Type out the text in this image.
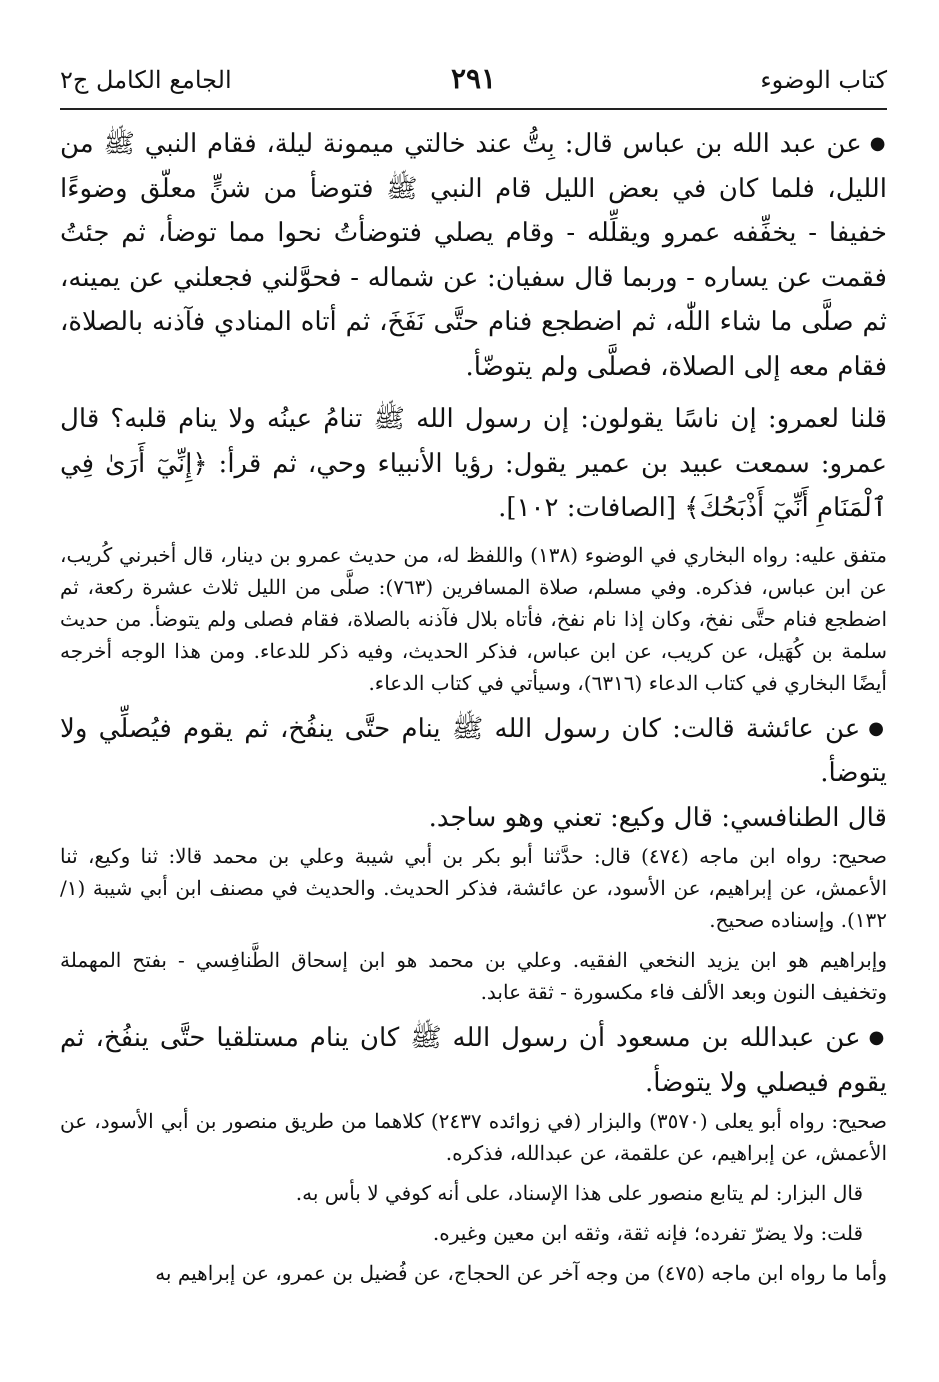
كتاب الوضوء
٢٩١
الجامع الكامل ج٢

●عن عبد الله بن عباس قال: بِتُّ عند خالتي ميمونة ليلة، فقام النبي ﷺ من الليل، فلما كان في بعض الليل قام النبي ﷺ فتوضأ من شنٍّ معلّق وضوءًا خفيفا - يخفِّفه عمرو ويقلِّله - وقام يصلي فتوضأتُ نحوا مما توضأ، ثم جئتُ فقمت عن يساره - وربما قال سفيان: عن شماله - فحوَّلني فجعلني عن يمينه، ثم صلَّى ما شاء اللّٰه، ثم اضطجع فنام حتَّى نَفَخَ، ثم أتاه المنادي فآذنه بالصلاة، فقام معه إلى الصلاة، فصلَّى ولم يتوضّأ.

قلنا لعمرو: إن ناسًا يقولون: إن رسول الله ﷺ تنامُ عينُه ولا ينام قلبه؟ قال عمرو: سمعت عبيد بن عمير يقول: رؤيا الأنبياء وحي، ثم قرأ: ﴿إِنِّيٓ أَرَىٰ فِي ٱلْمَنَامِ أَنِّيٓ أَذْبَحُكَ﴾ [الصافات: ١٠٢].

متفق عليه: رواه البخاري في الوضوء (١٣٨) واللفظ له، من حديث عمرو بن دينار، قال أخبرني كُريب، عن ابن عباس، فذكره. وفي مسلم، صلاة المسافرين (٧٦٣): صلَّى من الليل ثلاث عشرة ركعة، ثم اضطجع فنام حتَّى نفخ، وكان إذا نام نفخ، فأتاه بلال فآذنه بالصلاة، فقام فصلى ولم يتوضأ. من حديث سلمة بن كُهَيل، عن كريب، عن ابن عباس، فذكر الحديث، وفيه ذكر للدعاء. ومن هذا الوجه أخرجه أيضًا البخاري في كتاب الدعاء (٦٣١٦)، وسيأتي في كتاب الدعاء.

●عن عائشة قالت: كان رسول الله ﷺ ينام حتَّى ينفُخ، ثم يقوم فيُصلِّي ولا يتوضأ.

قال الطنافسي: قال وكيع: تعني وهو ساجد.

صحيح: رواه ابن ماجه (٤٧٤) قال: حدَّثنا أبو بكر بن أبي شيبة وعلي بن محمد قالا: ثنا وكيع، ثنا الأعمش، عن إبراهيم، عن الأسود، عن عائشة، فذكر الحديث. والحديث في مصنف ابن أبي شيبة (١/ ١٣٢). وإسناده صحيح.

وإبراهيم هو ابن يزيد النخعي الفقيه. وعلي بن محمد هو ابن إسحاق الطَّنافِسي - بفتح المهملة وتخفيف النون وبعد الألف فاء مكسورة - ثقة عابد.

●عن عبدالله بن مسعود أن رسول الله ﷺ كان ينام مستلقيا حتَّى ينفُخ، ثم يقوم فيصلي ولا يتوضأ.

صحيح: رواه أبو يعلى (٣٥٧٠) والبزار (في زوائده ٢٤٣٧) كلاهما من طريق منصور بن أبي الأسود، عن الأعمش، عن إبراهيم، عن علقمة، عن عبدالله، فذكره.

قال البزار: لم يتابع منصور على هذا الإسناد، على أنه كوفي لا بأس به.

قلت: ولا يضرّ تفرده؛ فإنه ثقة، وثقه ابن معين وغيره.

وأما ما رواه ابن ماجه (٤٧٥) من وجه آخر عن الحجاج، عن فُضيل بن عمرو، عن إبراهيم به
